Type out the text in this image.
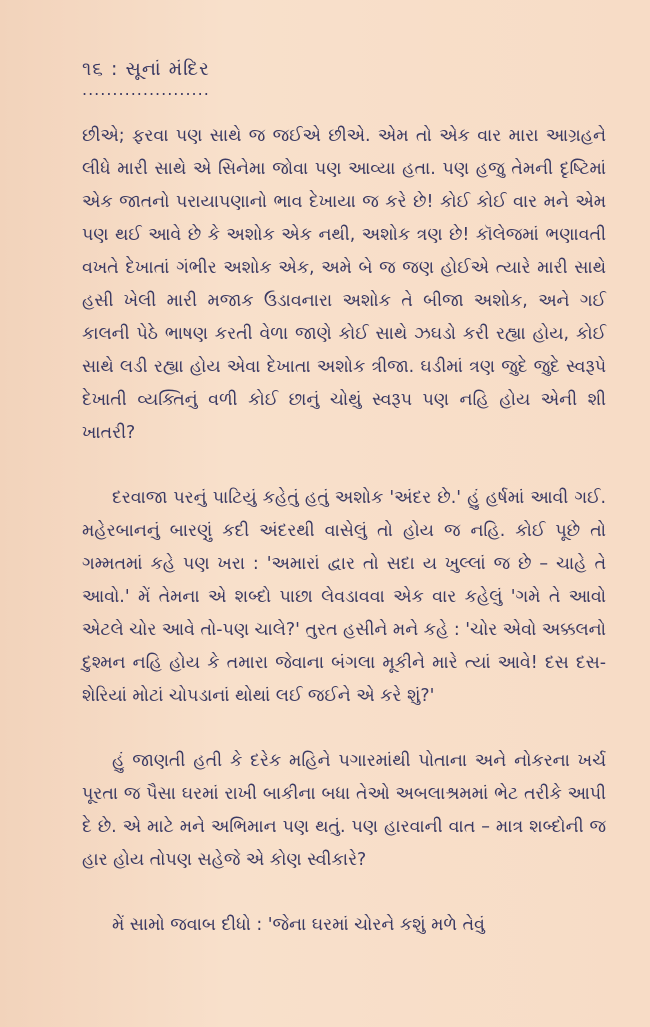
૧૬ : સૂનાં મંદિર
.....................

છીએ; ફરવા પણ સાથે જ જઈએ છીએ. એમ તો એક વાર મારા આગ્રહને લીધે મારી સાથે એ સિનેમા જોવા પણ આવ્યા હતા. પણ હજુ તેમની દૃષ્ટિમાં એક જાતનો પરાયાપણાનો ભાવ દેખાયા જ કરે છે! કોઈ કોઈ વાર મને એમ પણ થઈ આવે છે કે અશોક એક નથી, અશોક ત્રણ છે! કૉલેજમાં ભણાવતી વખતે દેખાતાં ગંભીર અશોક એક, અમે બે જ જણ હોઈએ ત્યારે મારી સાથે હસી ખેલી મારી મજાક ઉડાવનારા અશોક તે બીજા અશોક, અને ગઈ કાલની પેઠે ભાષણ કરતી વેળા જાણે કોઈ સાથે ઝઘડો કરી રહ્યા હોય, કોઈ સાથે લડી રહ્યા હોય એવા દેખાતા અશોક ત્રીજા. ઘડીમાં ત્રણ જુદે જુદે સ્વરૂપે દેખાતી વ્યક્તિનું વળી કોઈ છાનું ચોથું સ્વરૂપ પણ નહિ હોય એની શી ખાતરી?

દરવાજા પરનું પાટિયું કહેતું હતું અશોક 'અંદર છે.' હું હર્ષમાં આવી ગઈ. મહેરબાનનું બારણું કદી અંદરથી વાસેલું તો હોય જ નહિ. કોઈ પૂછે તો ગમ્મતમાં કહે પણ ખરા : 'અમારાં દ્વાર તો સદા ય ખુલ્લાં જ છે – ચાહે તે આવો.' મેં તેમના એ શબ્દો પાછા લેવડાવવા એક વાર કહેલું 'ગમે તે આવો એટલે ચોર આવે તો-પણ ચાલે?' તુરત હસીને મને કહે : 'ચોર એવો અક્કલનો દુશ્મન નહિ હોય કે તમારા જેવાના બંગલા મૂકીને મારે ત્યાં આવે! દસ દસ-શેરિયાં મોટાં ચોપડાનાં થોથાં લઈ જઈને એ કરે શું?'

હું જાણતી હતી કે દરેક મહિને પગારમાંથી પોતાના અને નોકરના ખર્ચ પૂરતા જ પૈસા ઘરમાં રાખી બાકીના બધા તેઓ અબલાશ્રમમાં ભેટ તરીકે આપી દે છે. એ માટે મને અભિમાન પણ થતું. પણ હારવાની વાત – માત્ર શબ્દોની જ હાર હોય તોપણ સહેજે એ કોણ સ્વીકારે?

મેં સામો જવાબ દીધો : 'જેના ઘરમાં ચોરને કશું મળે તેવું
